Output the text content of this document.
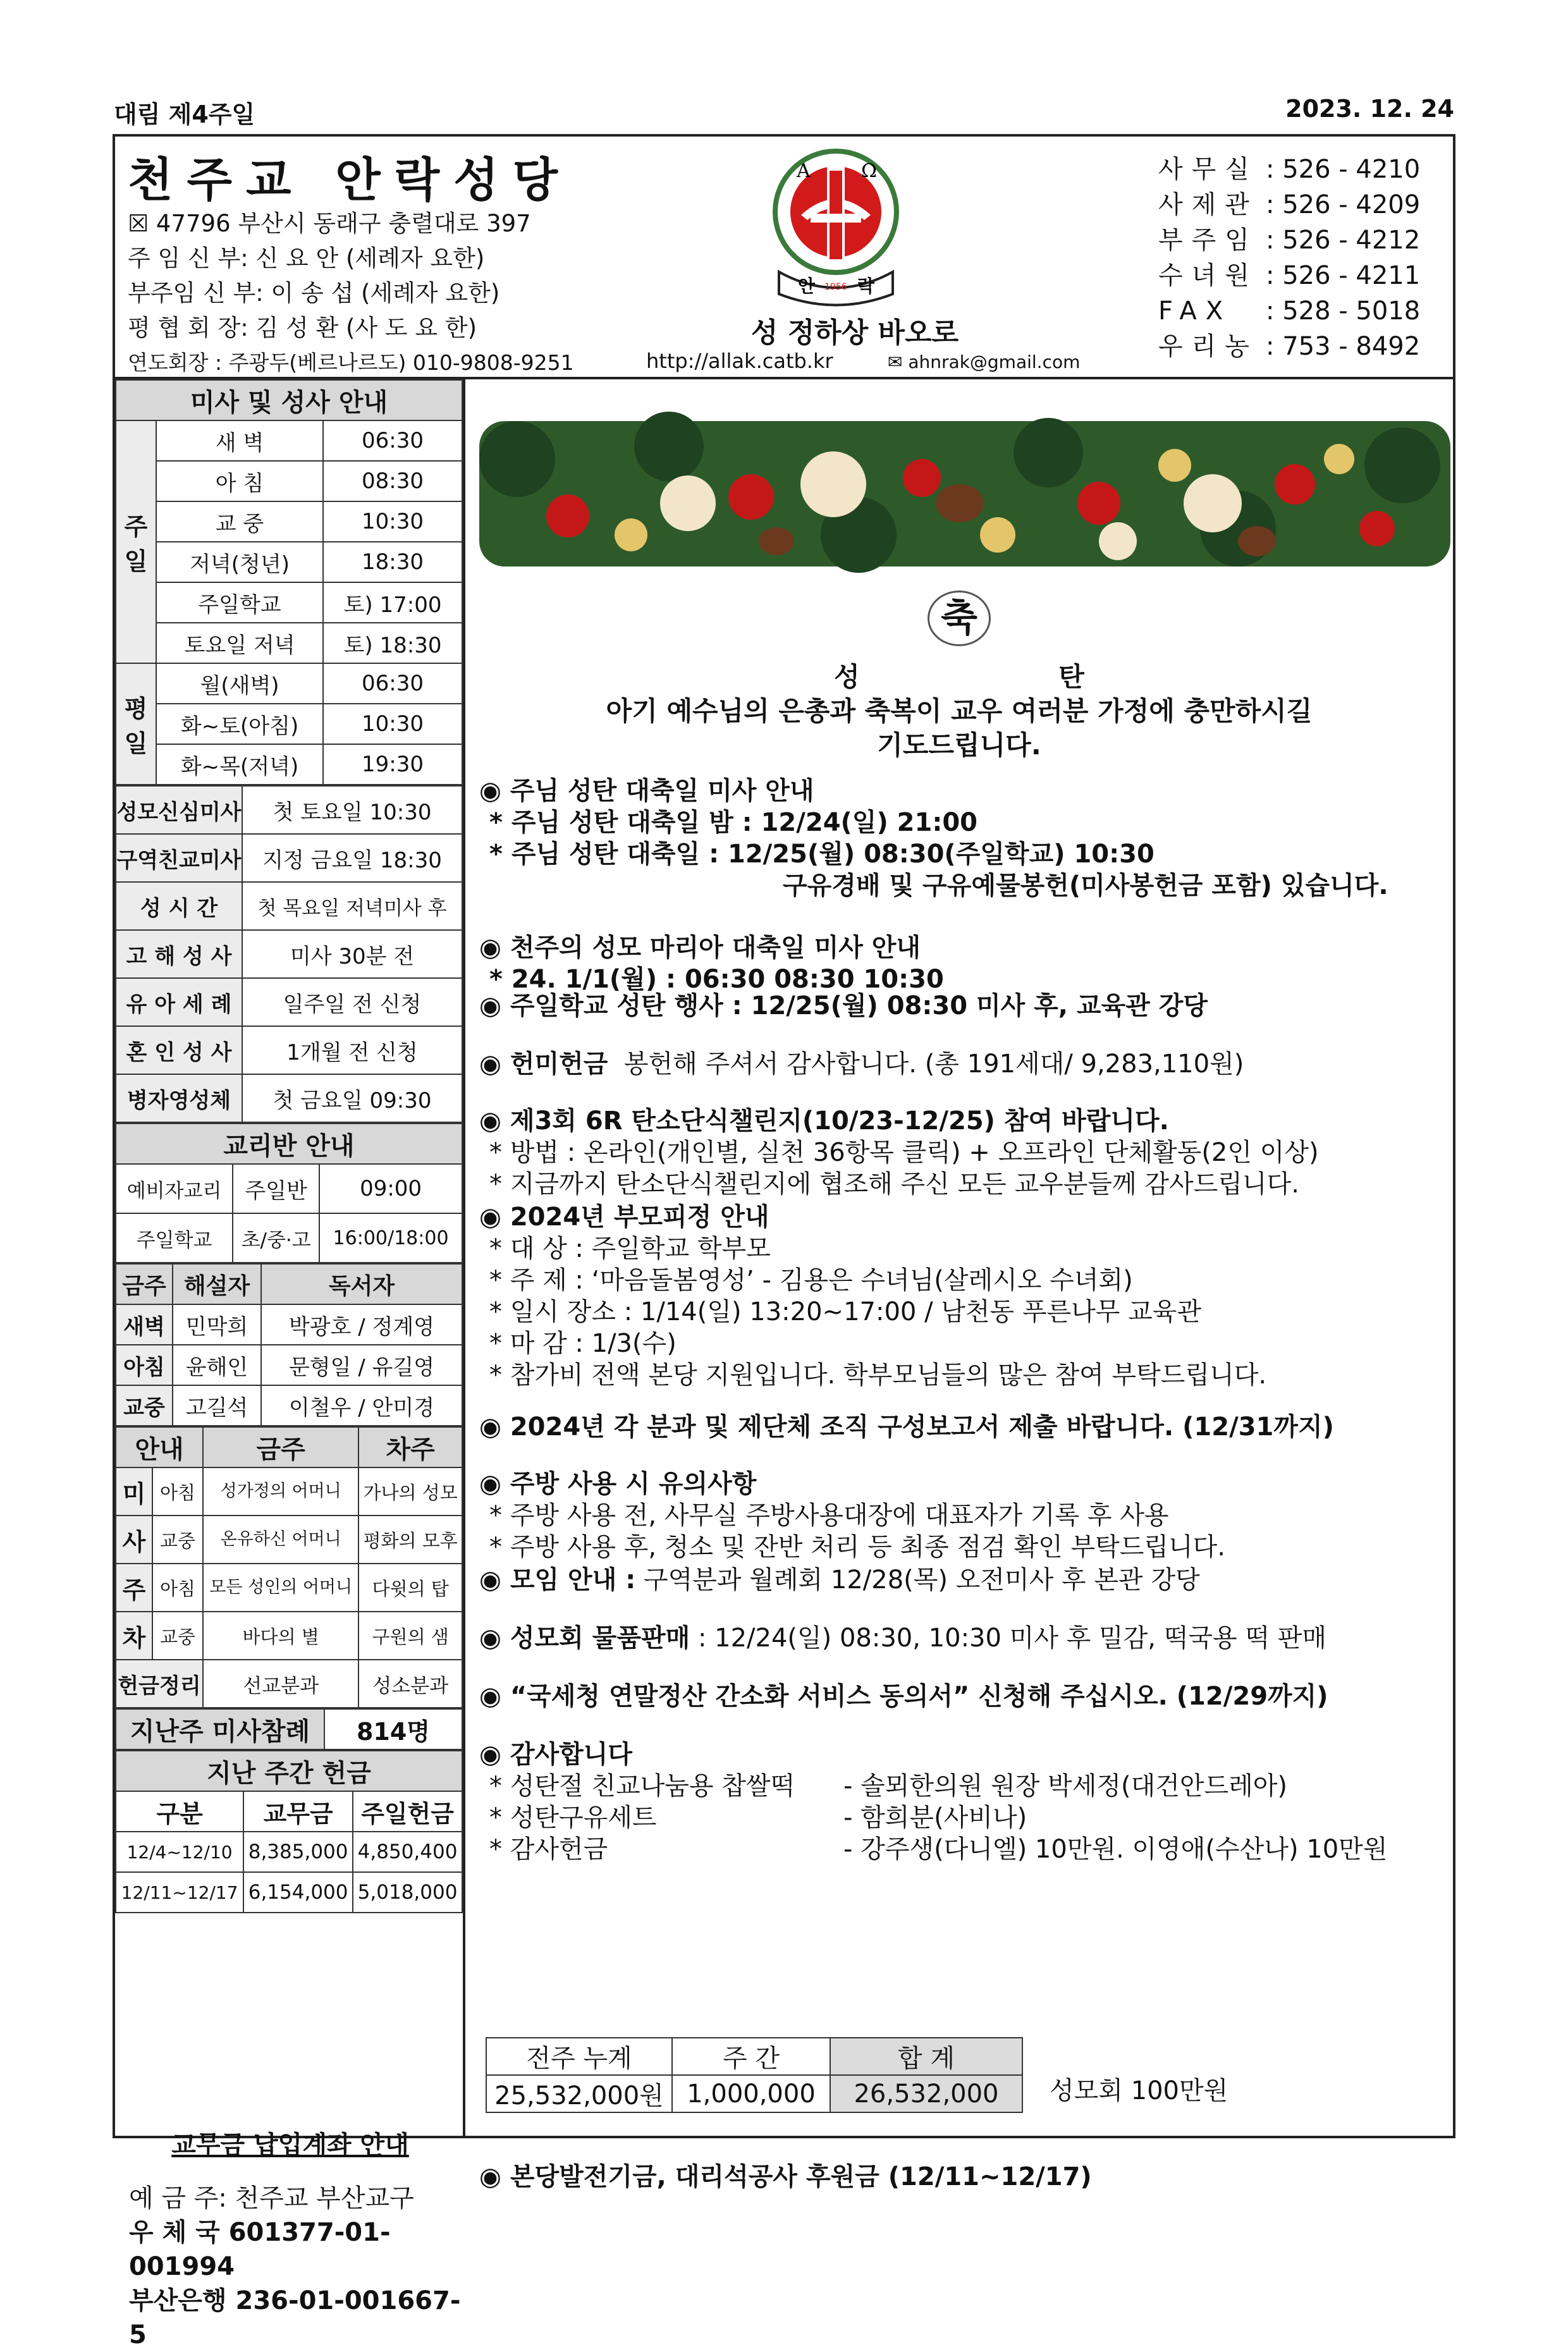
대림 제4주일	2023. 12. 24
천주교 안락성당
☒ 47796 부산시 동래구 충렬대로 397
주 임 신 부: 신 요 안 (세례자 요한)
부주임 신 부: 이 송 섭 (세례자 요한)
평 협 회 장: 김 성 환 (사 도 요 한)
연도회장 : 주광두(베르나르도) 010-9808-9251
A	Ω
안 1956 락
성 정하상 바오로
http://allak.catb.kr	✉ ahnrak@gmail.com
사무실 : 526 - 4210
사제관 : 526 - 4209
부주임 : 526 - 4212
수녀원 : 526 - 4211
FAX : 528 - 5018
우리농 : 753 - 8492
미사 및 성사 안내		
주일	새 벽	06:30
	아 침	08:30
	교 중	10:30
	저녁(청년)	18:30
	주일학교	토) 17:00
	토요일 저녁	토) 18:30
평일	월(새벽)	06:30
	화~토(아침)	10:30
	화~목(저녁)	19:30
성모신심미사	첫 토요일 10:30
구역친교미사	지정 금요일 18:30
성 시 간	첫 목요일 저녁미사 후
고 해 성 사	미사 30분 전
유 아 세 례	일주일 전 신청
혼 인 성 사	1개월 전 신청
병자영성체	첫 금요일 09:30
교리반 안내		
예비자교리	주일반	09:00
주일학교	초/중·고	16:00/18:00
금주	해설자	독서자
새벽	민막희	박광호 / 정계영
아침	윤해인	문형일 / 유길영
교중	고길석	이철우 / 안미경
안내		금주	차주
미	아침	성가정의 어머니	가나의 성모
사	교중	온유하신 어머니	평화의 모후
주	아침	모든 성인의 어머니	다윗의 탑
차	교중	바다의 별	구원의 샘
헌금정리		선교분과	성소분과
지난주 미사참례	814명
지난 주간 헌금		
구분	교무금	주일헌금
12/4~12/10	8,385,000	4,850,400
12/11~12/17	6,154,000	5,018,000
교무금 납입계좌 안내
예 금 주: 천주교 부산교구
우 체 국 601377-01-001994
부산은행 236-01-001667-5
축
성 탄
아기 예수님의 은총과 축복이 교우 여러분 가정에 충만하시길
기도드립니다.
◉ 주님 성탄 대축일 미사 안내
* 주님 성탄 대축일 밤 : 12/24(일) 21:00
* 주님 성탄 대축일 : 12/25(월) 08:30(주일학교) 10:30
구유경배 및 구유예물봉헌(미사봉헌금 포함) 있습니다.
◉ 천주의 성모 마리아 대축일 미사 안내
* 24. 1/1(월) : 06:30 08:30 10:30
◉ 주일학교 성탄 행사 : 12/25(월) 08:30 미사 후, 교육관 강당
◉ 헌미헌금 봉헌해 주셔서 감사합니다. (총 191세대/ 9,283,110원)
◉ 제3회 6R 탄소단식챌린지(10/23-12/25) 참여 바랍니다.
* 방법 : 온라인(개인별, 실천 36항목 클릭) + 오프라인 단체활동(2인 이상)
* 지금까지 탄소단식챌린지에 협조해 주신 모든 교우분들께 감사드립니다.
◉ 2024년 부모피정 안내
* 대 상 : 주일학교 학부모
* 주 제 : ‘마음돌봄영성’ - 김용은 수녀님(살레시오 수녀회)
* 일시 장소 : 1/14(일) 13:20~17:00 / 남천동 푸른나무 교육관
* 마 감 : 1/3(수)
* 참가비 전액 본당 지원입니다. 학부모님들의 많은 참여 부탁드립니다.
◉ 2024년 각 분과 및 제단체 조직 구성보고서 제출 바랍니다. (12/31까지)
◉ 주방 사용 시 유의사항
* 주방 사용 전, 사무실 주방사용대장에 대표자가 기록 후 사용
* 주방 사용 후, 청소 및 잔반 처리 등 최종 점검 확인 부탁드립니다.
◉ 모임 안내 : 구역분과 월례회 12/28(목) 오전미사 후 본관 강당
◉ 성모회 물품판매 : 12/24(일) 08:30, 10:30 미사 후 밀감, 떡국용 떡 판매
◉ “국세청 연말정산 간소화 서비스 동의서” 신청해 주십시오. (12/29까지)
◉ 감사합니다
* 성탄절 친교나눔용 찹쌀떡 - 솔뫼한의원 원장 박세정(대건안드레아)
* 성탄구유세트	- 함희분(사비나)
* 감사헌금	- 강주생(다니엘) 10만원. 이영애(수산나) 10만원
◉ 본당발전기금, 대리석공사 후원금 (12/11~12/17)
전주 누계	주 간	합 계
25,532,000원	1,000,000	26,532,000 성모회 100만원
